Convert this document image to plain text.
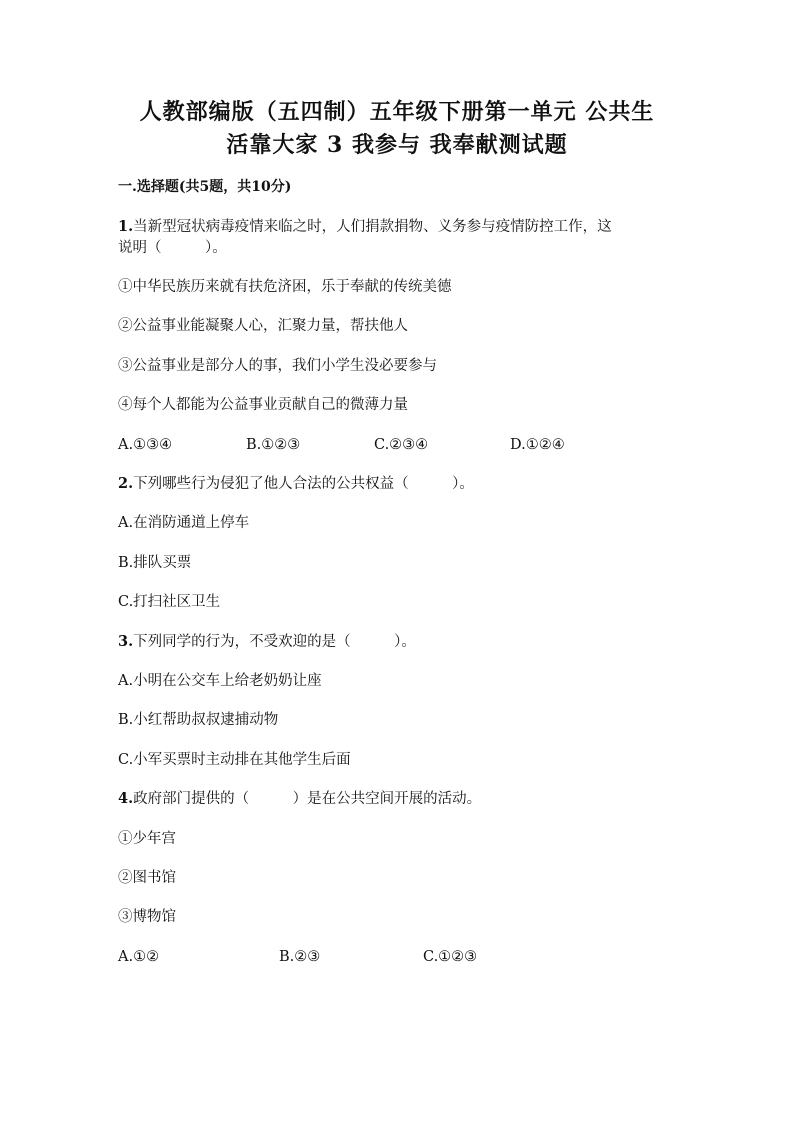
人教部编版（五四制）五年级下册第一单元 公共生
活靠大家 3 我参与 我奉献测试题

一.选择题(共5题，共10分)

1.当新型冠状病毒疫情来临之时，人们捐款捐物、义务参与疫情防控工作，这

说明（　　　）。

①中华民族历来就有扶危济困，乐于奉献的传统美德

②公益事业能凝聚人心，汇聚力量，帮扶他人

③公益事业是部分人的事，我们小学生没必要参与

④每个人都能为公益事业贡献自己的微薄力量

A.①③④	B.①②③	C.②③④	D.①②④

2.下列哪些行为侵犯了他人合法的公共权益（　　　）。

A.在消防通道上停车

B.排队买票

C.打扫社区卫生

3.下列同学的行为，不受欢迎的是（　　　）。

A.小明在公交车上给老奶奶让座

B.小红帮助叔叔逮捕动物

C.小军买票时主动排在其他学生后面

4.政府部门提供的（　　　）是在公共空间开展的活动。

①少年宫

②图书馆

③博物馆

A.①②	B.②③	C.①②③
